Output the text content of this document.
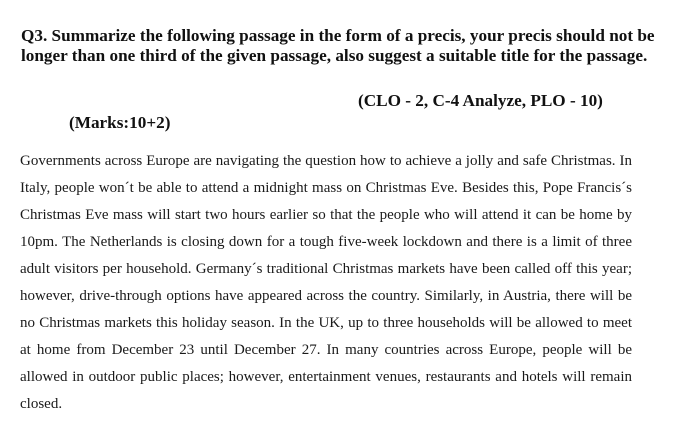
Q3. Summarize the following passage in the form of a precis, your precis should not be longer than one third of the given passage, also suggest a suitable title for the passage.

(CLO - 2, C-4 Analyze, PLO - 10)
(Marks:10+2)

Governments across Europe are navigating the question how to achieve a jolly and safe Christmas. In Italy, people won´t be able to attend a midnight mass on Christmas Eve. Besides this, Pope Francis´s Christmas Eve mass will start two hours earlier so that the people who will attend it can be home by 10pm. The Netherlands is closing down for a tough five-week lockdown and there is a limit of three adult visitors per household. Germany´s traditional Christmas markets have been called off this year; however, drive-through options have appeared across the country. Similarly, in Austria, there will be no Christmas markets this holiday season. In the UK, up to three households will be allowed to meet at home from December 23 until December 27. In many countries across Europe, people will be allowed in outdoor public places; however, entertainment venues, restaurants and hotels will remain closed.
